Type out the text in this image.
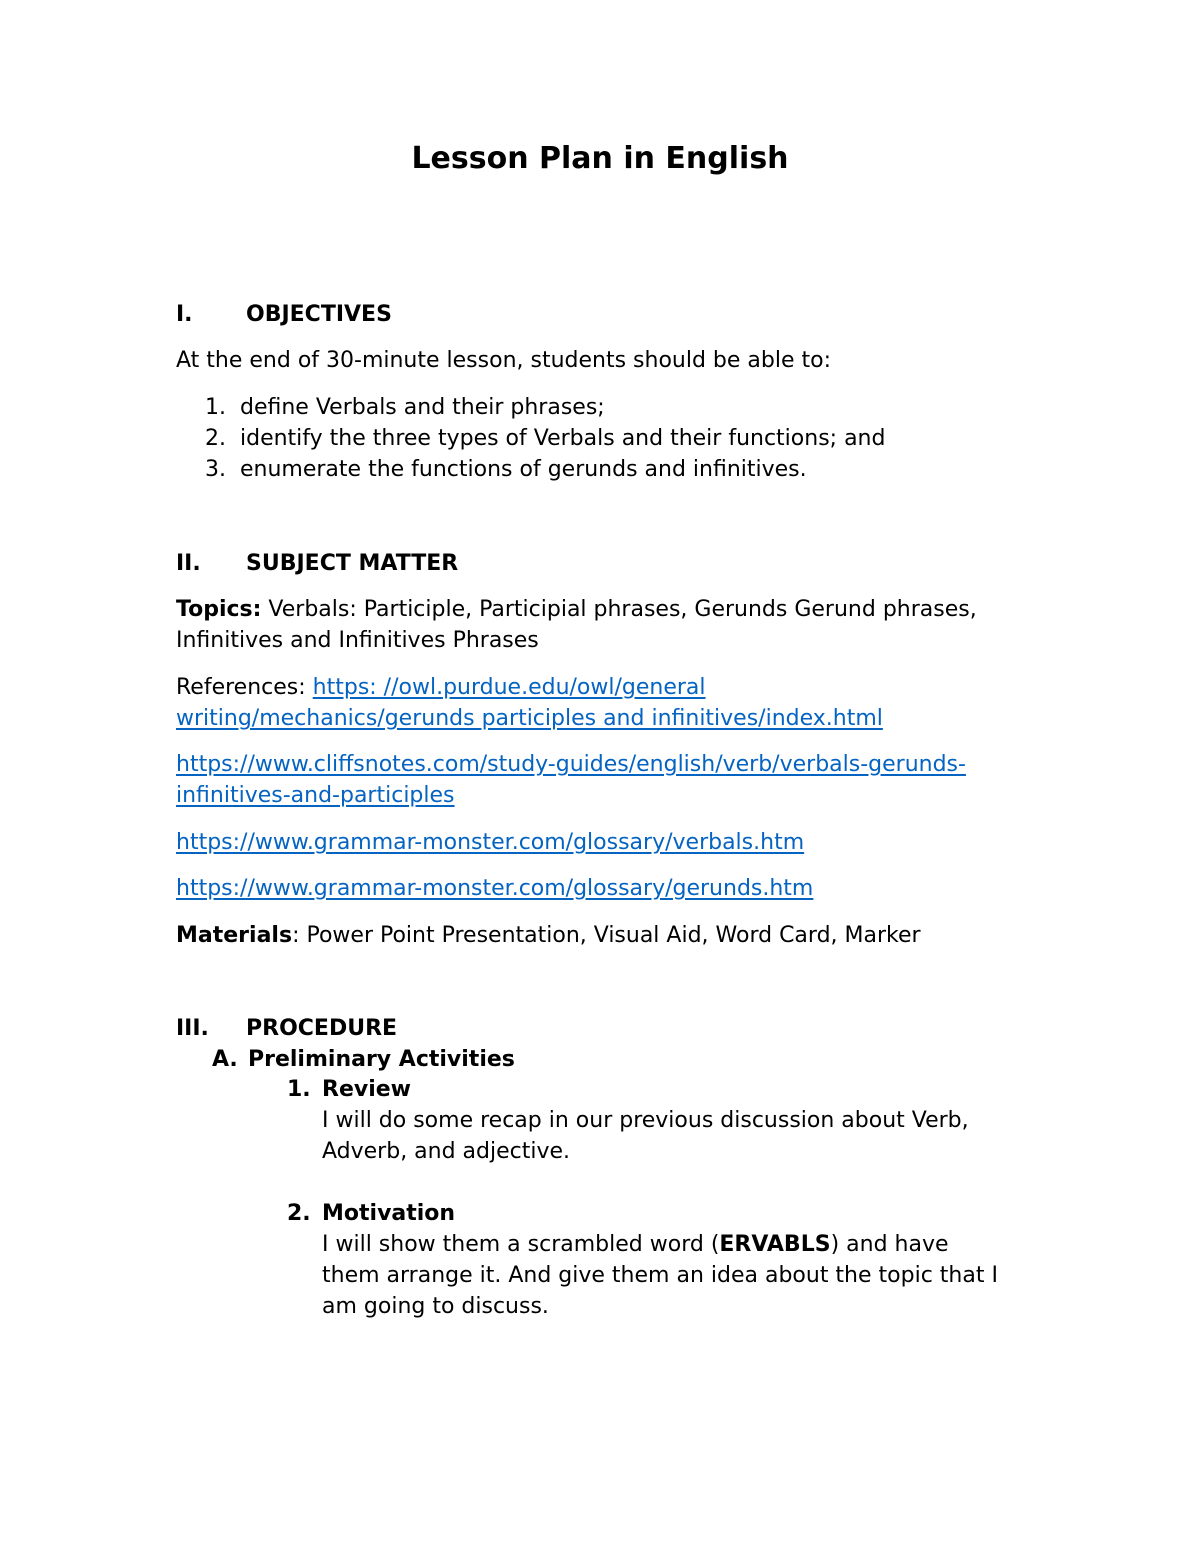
Lesson Plan in English
I. OBJECTIVES
At the end of 30-minute lesson, students should be able to:
1. define Verbals and their phrases;
2. identify the three types of Verbals and their functions; and
3. enumerate the functions of gerunds and infinitives.
II. SUBJECT MATTER
Topics: Verbals: Participle, Participial phrases, Gerunds Gerund phrases,
Infinitives and Infinitives Phrases
References: https: //owl.purdue.edu/owl/general
writing/mechanics/gerunds participles and infinitives/index.html
https://www.cliffsnotes.com/study-guides/english/verb/verbals-gerunds-
infinitives-and-participles
https://www.grammar-monster.com/glossary/verbals.htm
https://www.grammar-monster.com/glossary/gerunds.htm
Materials: Power Point Presentation, Visual Aid, Word Card, Marker
III. PROCEDURE
A. Preliminary Activities
1. Review
I will do some recap in our previous discussion about Verb,
Adverb, and adjective.
2. Motivation
I will show them a scrambled word (ERVABLS) and have
them arrange it. And give them an idea about the topic that I
am going to discuss.
